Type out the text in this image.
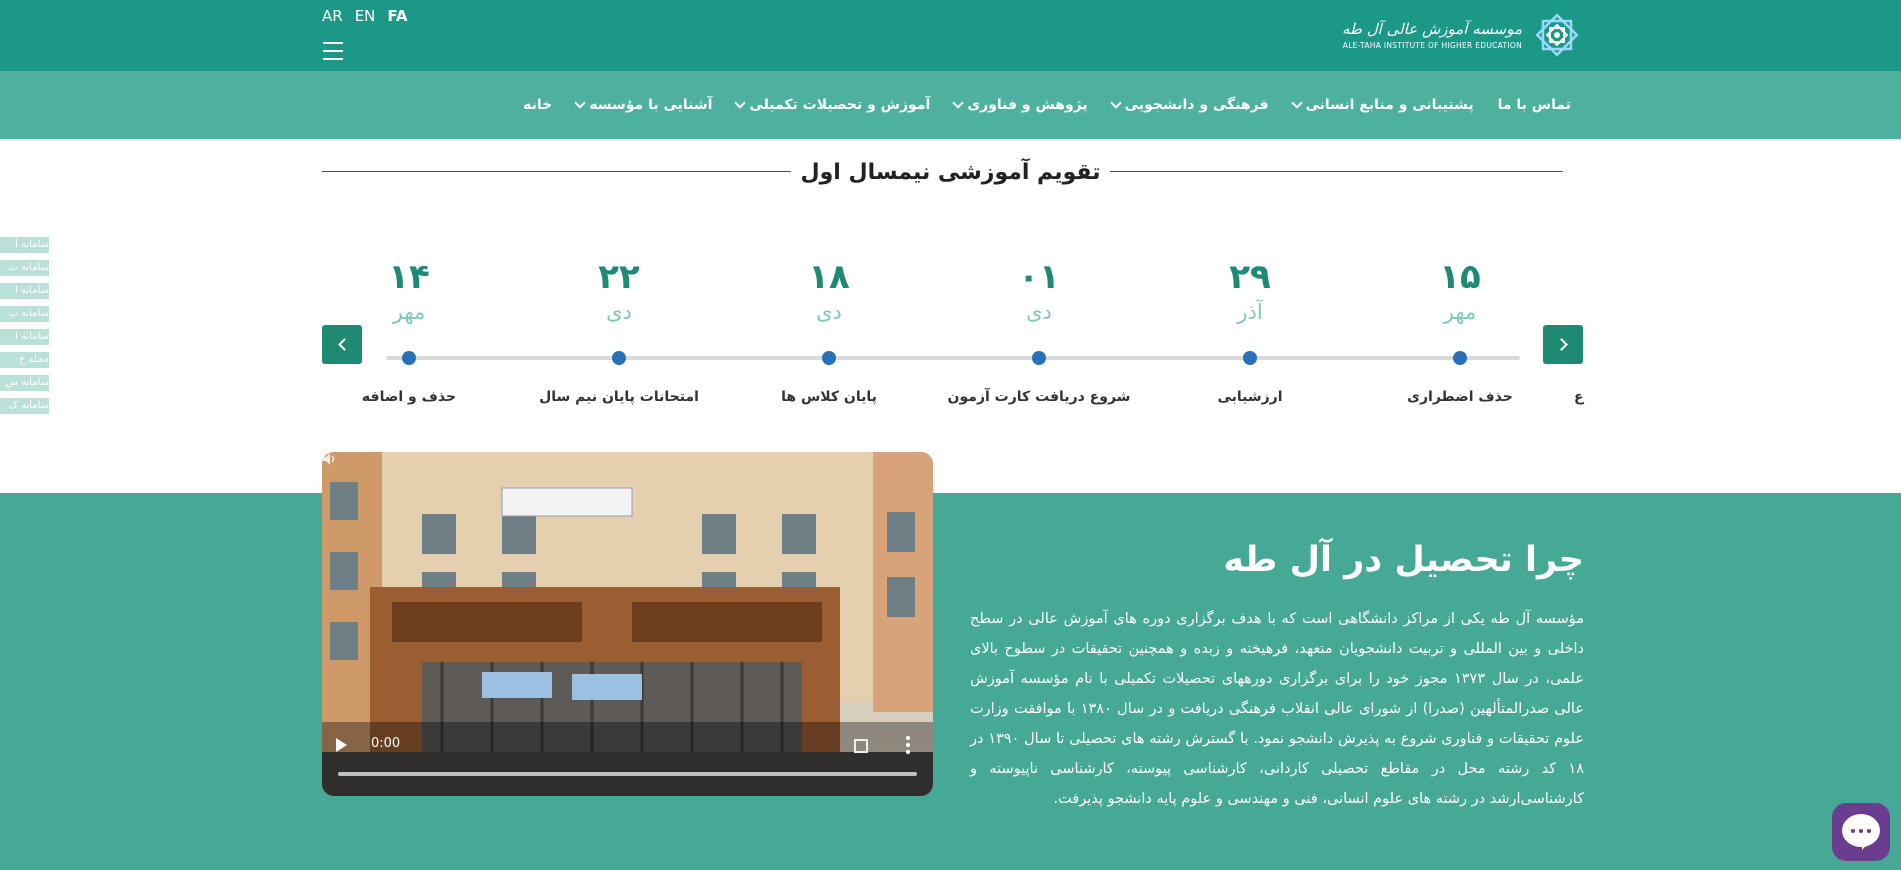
AR EN FA
موسسه آموزش عالی آل طه
ALE-TAHA INSTITUTE OF HIGHER EDUCATION
خانه	آشنایی با مؤسسه	آموزش و تحصیلات تکمیلی	پژوهش و فناوری	فرهنگی و دانشجویی	پشتیبانی و منابع انسانی تماس با ما
تقویم آموزشی نیمسال اول
سامانه آ
سامانه ت
سامانه ا
سامانه پ
سامانه ا
مجله خ
سامانه س
سامانه ک
۱۵
مهر
حذف اضطراری
۲۹
آذر
ارزشیابی
۰۱
دی
شروع دریافت کارت آزمون
۱۸
دی
پایان کلاس ها
۲۲
دی
امتحانات پایان نیم سال
۱۴
مهر
حذف و اضافه	ع
0:00
چرا تحصیل در آل طه
مؤسسه آل طه یکی از مراکز دانشگاهی است که با هدف برگزاری دوره های آموزش عالی در سطح داخلی و بین المللی و تربیت دانشجویان متعهد، فرهیخته و زبده و همچنین تحقیقات در سطوح بالای علمی، در سال ۱۳۷۳ مجوز خود را برای برگزاری دورههای تحصیلات تکمیلی با نام مؤسسه آموزش عالی صدرالمتألهین (صدرا) از شورای عالی انقلاب فرهنگی دریافت و در سال ۱۳۸۰ با موافقت وزارت علوم تحقیقات و فناوری شروع به پذیرش دانشجو نمود. با گسترش رشته های تحصیلی تا سال ۱۳۹۰ در ۱۸ کد رشته محل در مقاطع تحصیلی کاردانی، کارشناسی پیوسته، کارشناسی ناپیوسته و کارشناسی‌ارشد در رشته های علوم انسانی، فنی و مهندسی و علوم پایه دانشجو پذیرفت.
